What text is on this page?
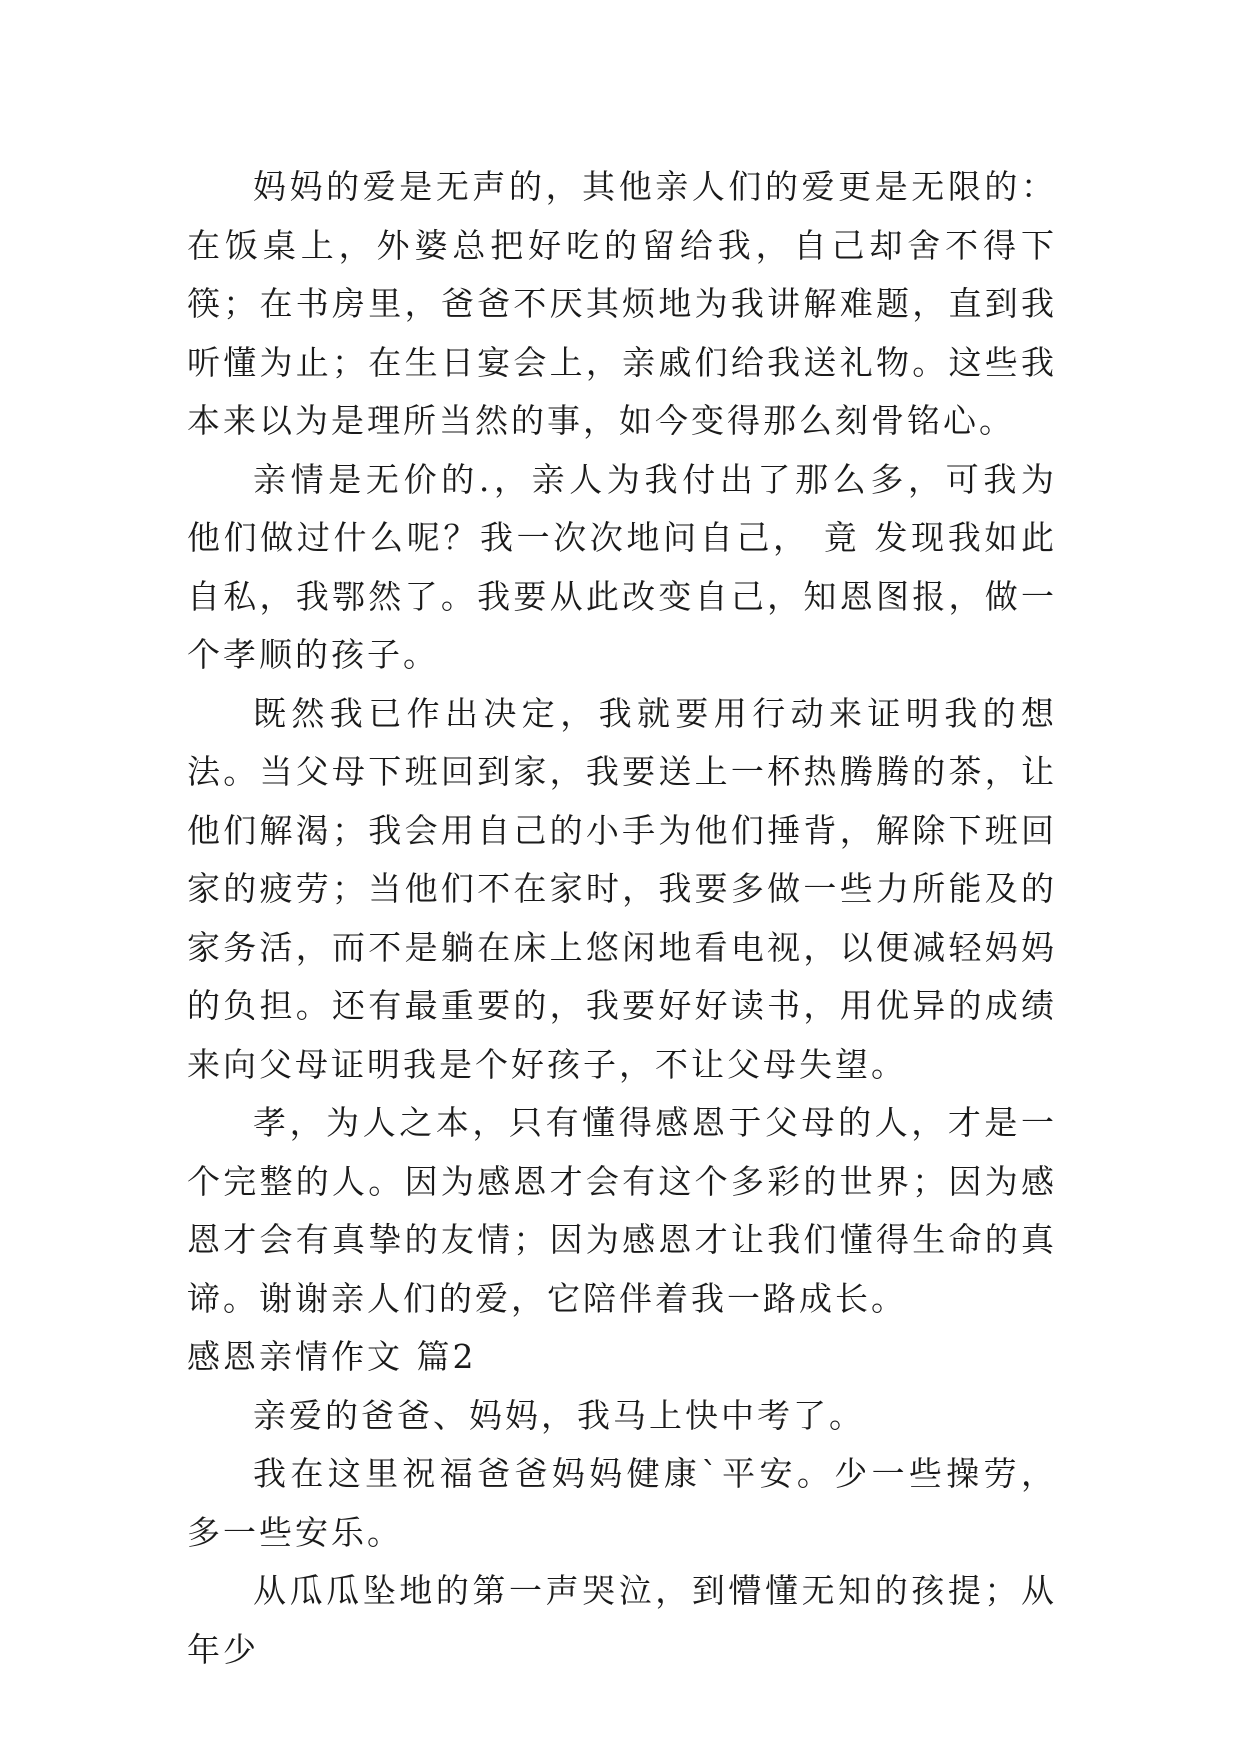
妈妈的爱是无声的，其他亲人们的爱更是无限的：在饭桌上，外婆总把好吃的留给我，自己却舍不得下筷；在书房里，爸爸不厌其烦地为我讲解难题，直到我听懂为止；在生日宴会上，亲戚们给我送礼物。这些我本来以为是理所当然的事，如今变得那么刻骨铭心。

亲情是无价的.，亲人为我付出了那么多，可我为他们做过什么呢？我一次次地问自己， 竟 发现我如此自私，我鄂然了。我要从此改变自己，知恩图报，做一个孝顺的孩子。

既然我已作出决定，我就要用行动来证明我的想法。当父母下班回到家，我要送上一杯热腾腾的茶，让他们解渴；我会用自己的小手为他们捶背，解除下班回家的疲劳；当他们不在家时，我要多做一些力所能及的家务活，而不是躺在床上悠闲地看电视，以便减轻妈妈的负担。还有最重要的，我要好好读书，用优异的成绩来向父母证明我是个好孩子，不让父母失望。

孝，为人之本，只有懂得感恩于父母的人，才是一个完整的人。因为感恩才会有这个多彩的世界；因为感恩才会有真挚的友情；因为感恩才让我们懂得生命的真谛。谢谢亲人们的爱，它陪伴着我一路成长。

感恩亲情作文 篇2

亲爱的爸爸、妈妈，我马上快中考了。

我在这里祝福爸爸妈妈健康`平安。少一些操劳，多一些安乐。

从瓜瓜坠地的第一声哭泣，到懵懂无知的孩提；从年少
